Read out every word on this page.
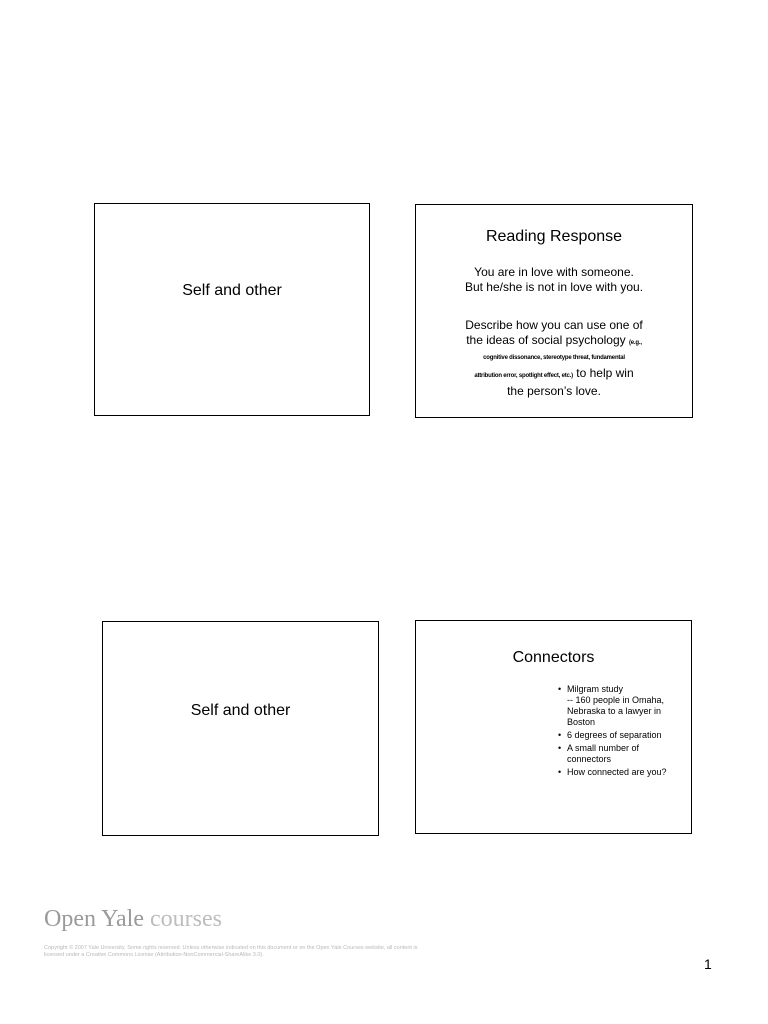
Self and other
Reading Response
You are in love with someone.
But he/she is not in love with you.
Describe how you can use one of
the ideas of social psychology (e.g.,
cognitive dissonance, stereotype threat, fundamental
attribution error, spotlight effect, etc.) to help win
the person’s love.
Self and other
Connectors
• Milgram study
-- 160 people in Omaha, Nebraska to a lawyer in Boston
• 6 degrees of separation
• A small number of connectors
• How connected are you?
Open Yale courses
Copyright © 2007 Yale University. Some rights reserved. Unless otherwise indicated on this document or on the Open Yale Courses website, all content is licensed under a Creative Commons License (Attribution-NonCommercial-ShareAlike 3.0).
1
